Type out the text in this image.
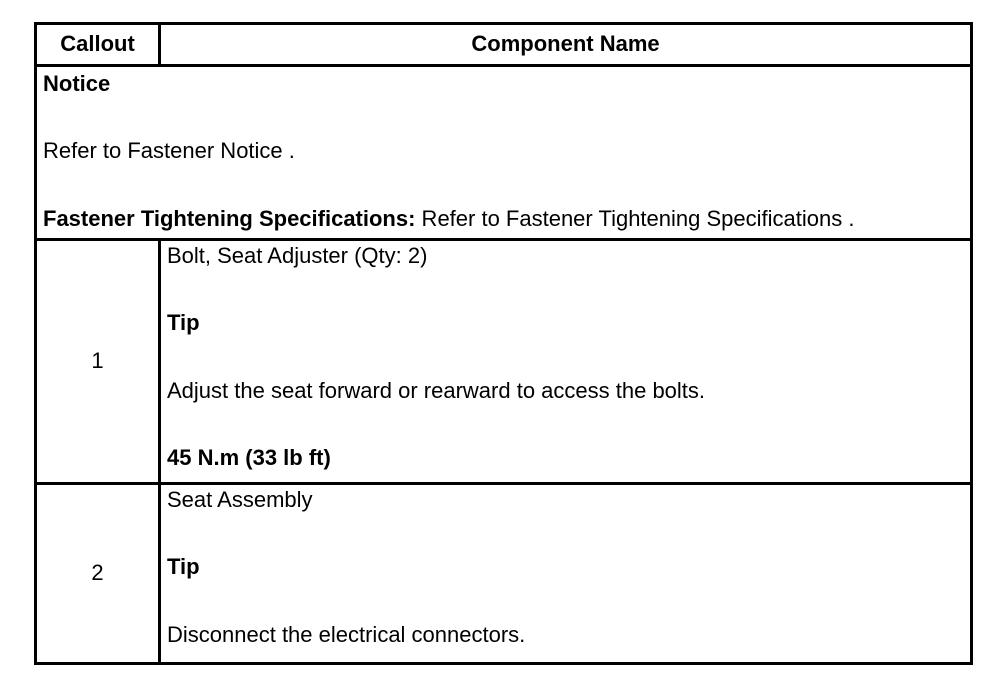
Callout	Component Name

Notice

Refer to Fastener Notice .

Fastener Tightening Specifications: Refer to Fastener Tightening Specifications .

1

Bolt, Seat Adjuster (Qty: 2)

Tip

Adjust the seat forward or rearward to access the bolts.

45 N.m (33 lb ft)

2

Seat Assembly

Tip

Disconnect the electrical connectors.
